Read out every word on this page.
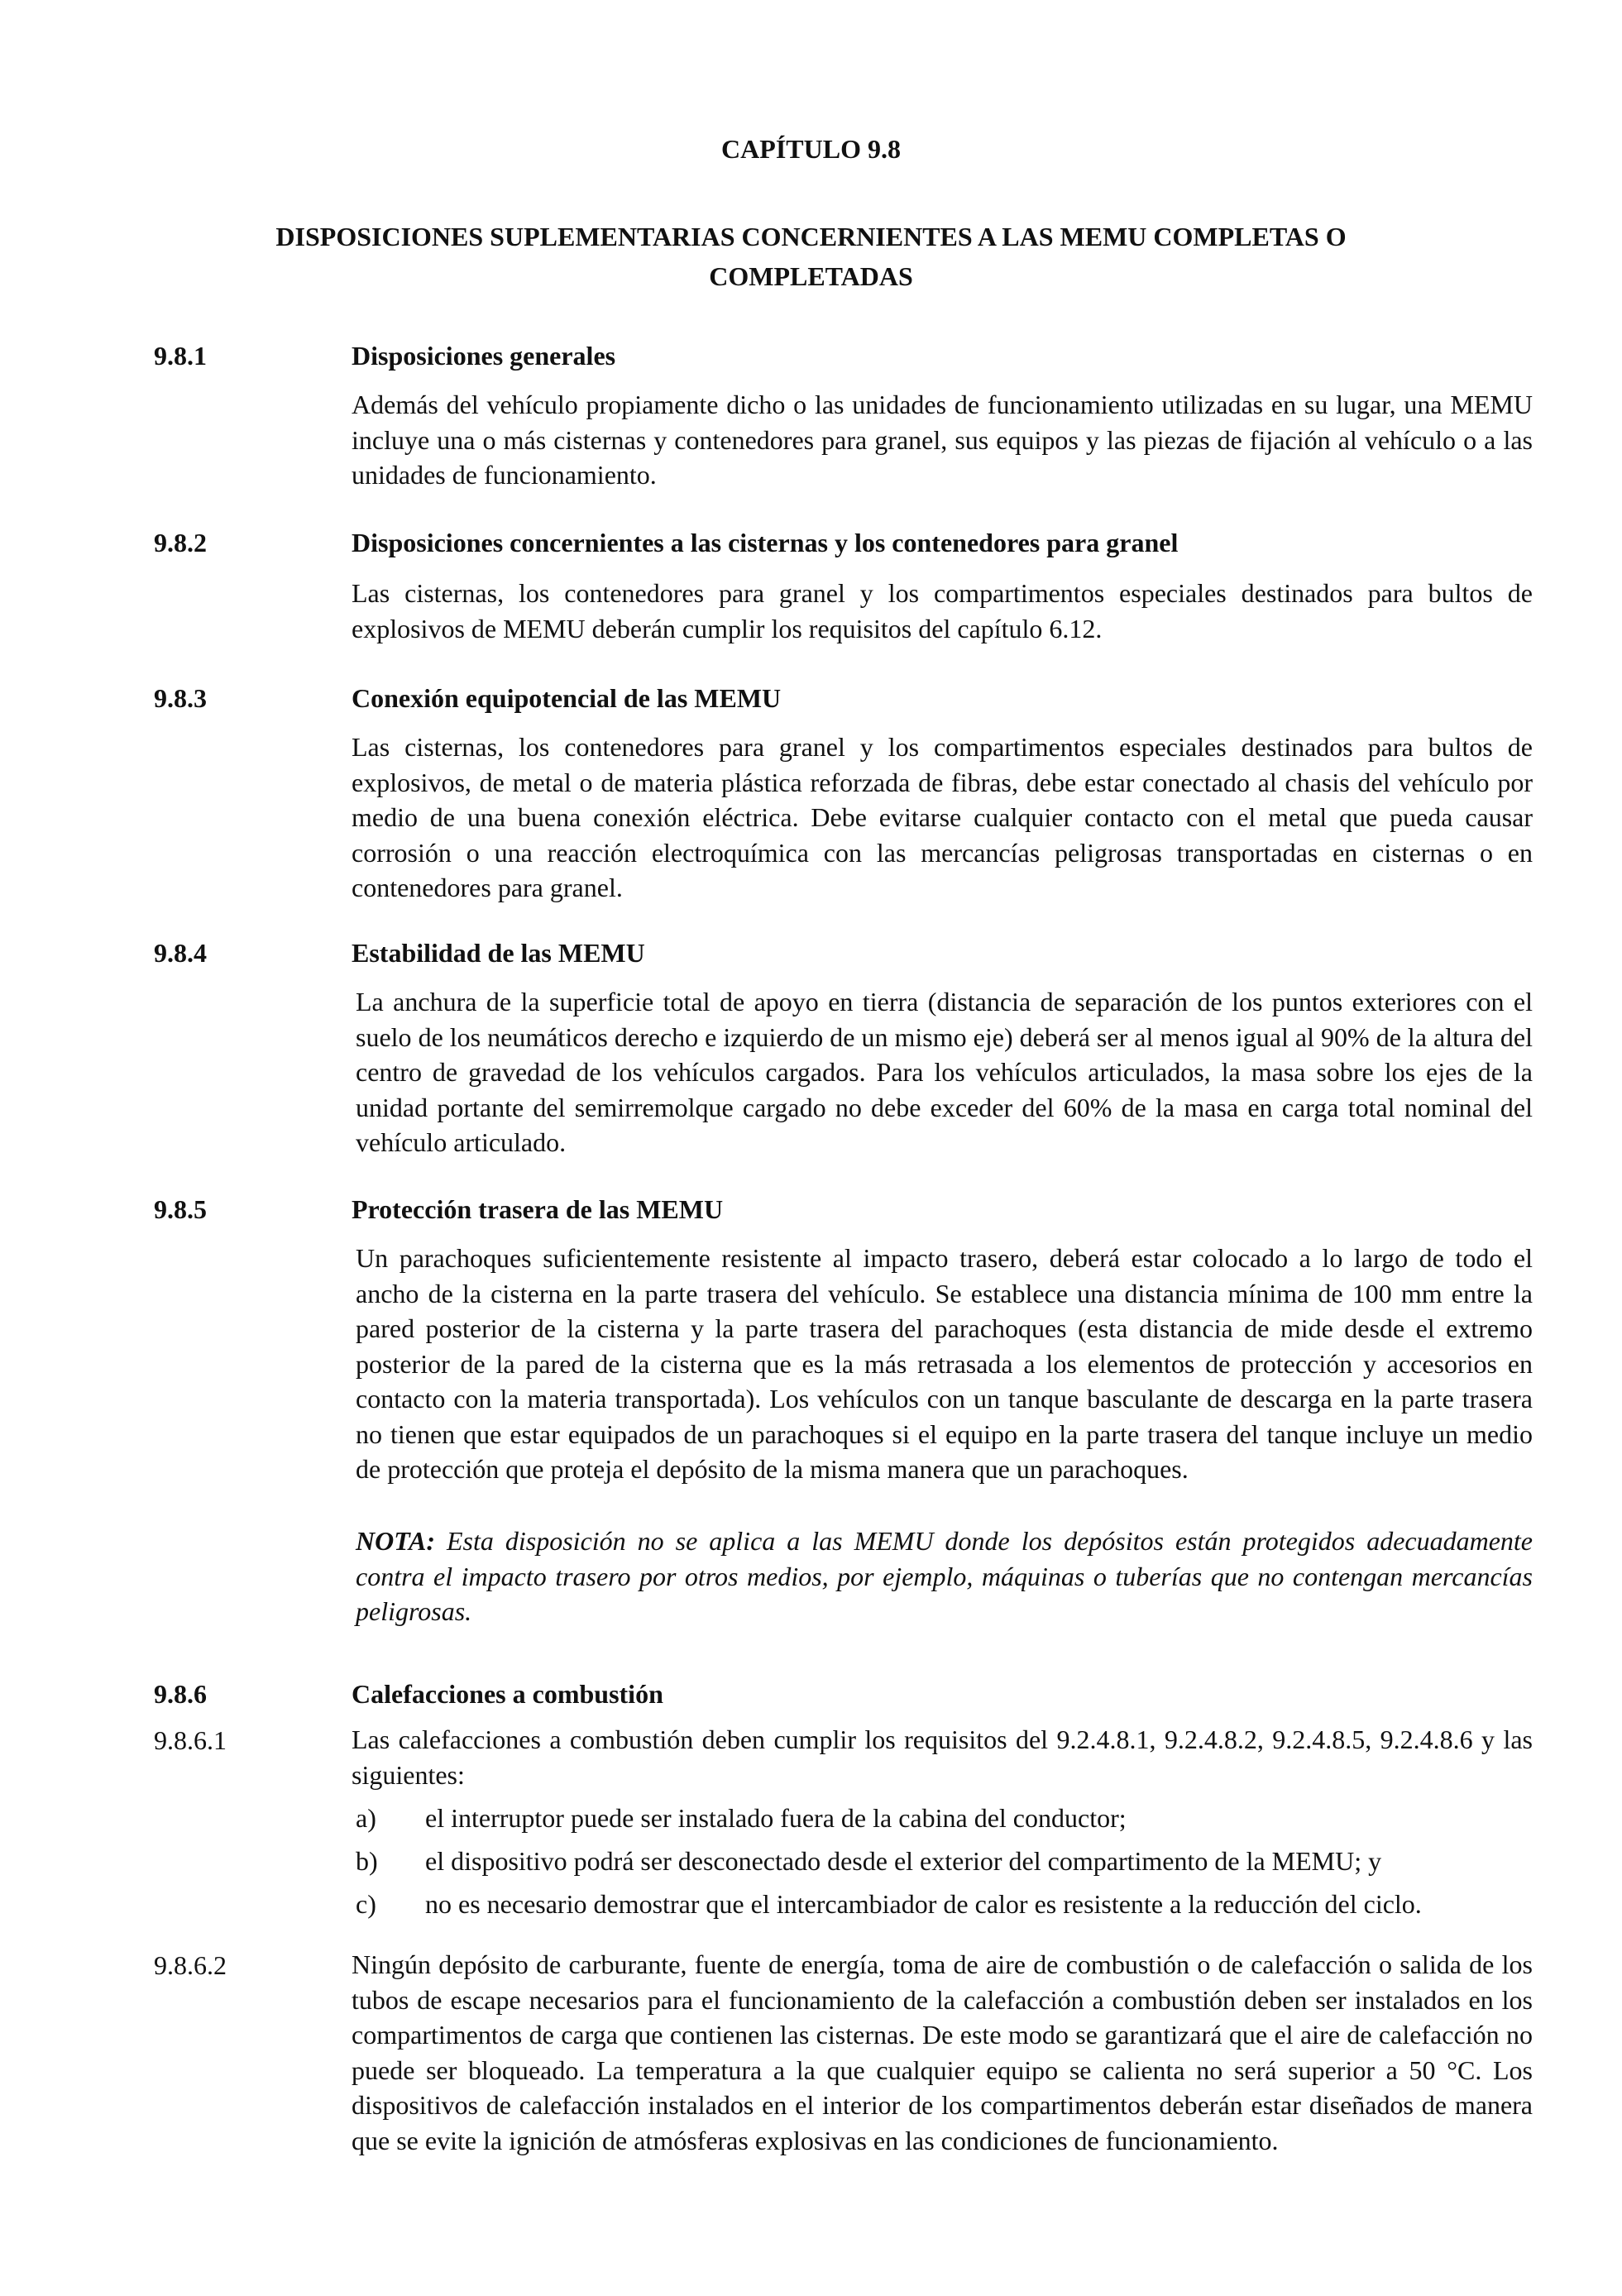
CAPÍTULO 9.8
DISPOSICIONES SUPLEMENTARIAS CONCERNIENTES A LAS MEMU COMPLETAS O COMPLETADAS
9.8.1	Disposiciones generales
Además del vehículo propiamente dicho o las unidades de funcionamiento utilizadas en su lugar, una MEMU incluye una o más cisternas y contenedores para granel, sus equipos y las piezas de fijación al vehículo o a las unidades de funcionamiento.
9.8.2	Disposiciones concernientes a las cisternas y los contenedores para granel
Las cisternas, los contenedores para granel y los compartimentos especiales destinados para bultos de explosivos de MEMU deberán cumplir los requisitos del capítulo 6.12.
9.8.3	Conexión equipotencial de las MEMU
Las cisternas, los contenedores para granel y los compartimentos especiales destinados para bultos de explosivos, de metal o de materia plástica reforzada de fibras, debe estar conectado al chasis del vehículo por medio de una buena conexión eléctrica. Debe evitarse cualquier contacto con el metal que pueda causar corrosión o una reacción electroquímica con las mercancías peligrosas transportadas en cisternas o en contenedores para granel.
9.8.4	Estabilidad de las MEMU
La anchura de la superficie total de apoyo en tierra (distancia de separación de los puntos exteriores con el suelo de los neumáticos derecho e izquierdo de un mismo eje) deberá ser al menos igual al 90% de la altura del centro de gravedad de los vehículos cargados. Para los vehículos articulados, la masa sobre los ejes de la unidad portante del semirremolque cargado no debe exceder del 60% de la masa en carga total nominal del vehículo articulado.
9.8.5	Protección trasera de las MEMU
Un parachoques suficientemente resistente al impacto trasero, deberá estar colocado a lo largo de todo el ancho de la cisterna en la parte trasera del vehículo. Se establece una distancia mínima de 100 mm entre la pared posterior de la cisterna y la parte trasera del parachoques (esta distancia de mide desde el extremo posterior de la pared de la cisterna que es la más retrasada a los elementos de protección y accesorios en contacto con la materia transportada). Los vehículos con un tanque basculante de descarga en la parte trasera no tienen que estar equipados de un parachoques si el equipo en la parte trasera del tanque incluye un medio de protección que proteja el depósito de la misma manera que un parachoques.
NOTA: Esta disposición no se aplica a las MEMU donde los depósitos están protegidos adecuadamente contra el impacto trasero por otros medios, por ejemplo, máquinas o tuberías que no contengan mercancías peligrosas.
9.8.6	Calefacciones a combustión
9.8.6.1	Las calefacciones a combustión deben cumplir los requisitos del 9.2.4.8.1, 9.2.4.8.2, 9.2.4.8.5, 9.2.4.8.6 y las siguientes:
a) el interruptor puede ser instalado fuera de la cabina del conductor;
b) el dispositivo podrá ser desconectado desde el exterior del compartimento de la MEMU; y
c) no es necesario demostrar que el intercambiador de calor es resistente a la reducción del ciclo.
9.8.6.2	Ningún depósito de carburante, fuente de energía, toma de aire de combustión o de calefacción o salida de los tubos de escape necesarios para el funcionamiento de la calefacción a combustión deben ser instalados en los compartimentos de carga que contienen las cisternas. De este modo se garantizará que el aire de calefacción no puede ser bloqueado. La temperatura a la que cualquier equipo se calienta no será superior a 50 °C. Los dispositivos de calefacción instalados en el interior de los compartimentos deberán estar diseñados de manera que se evite la ignición de atmósferas explosivas en las condiciones de funcionamiento.
